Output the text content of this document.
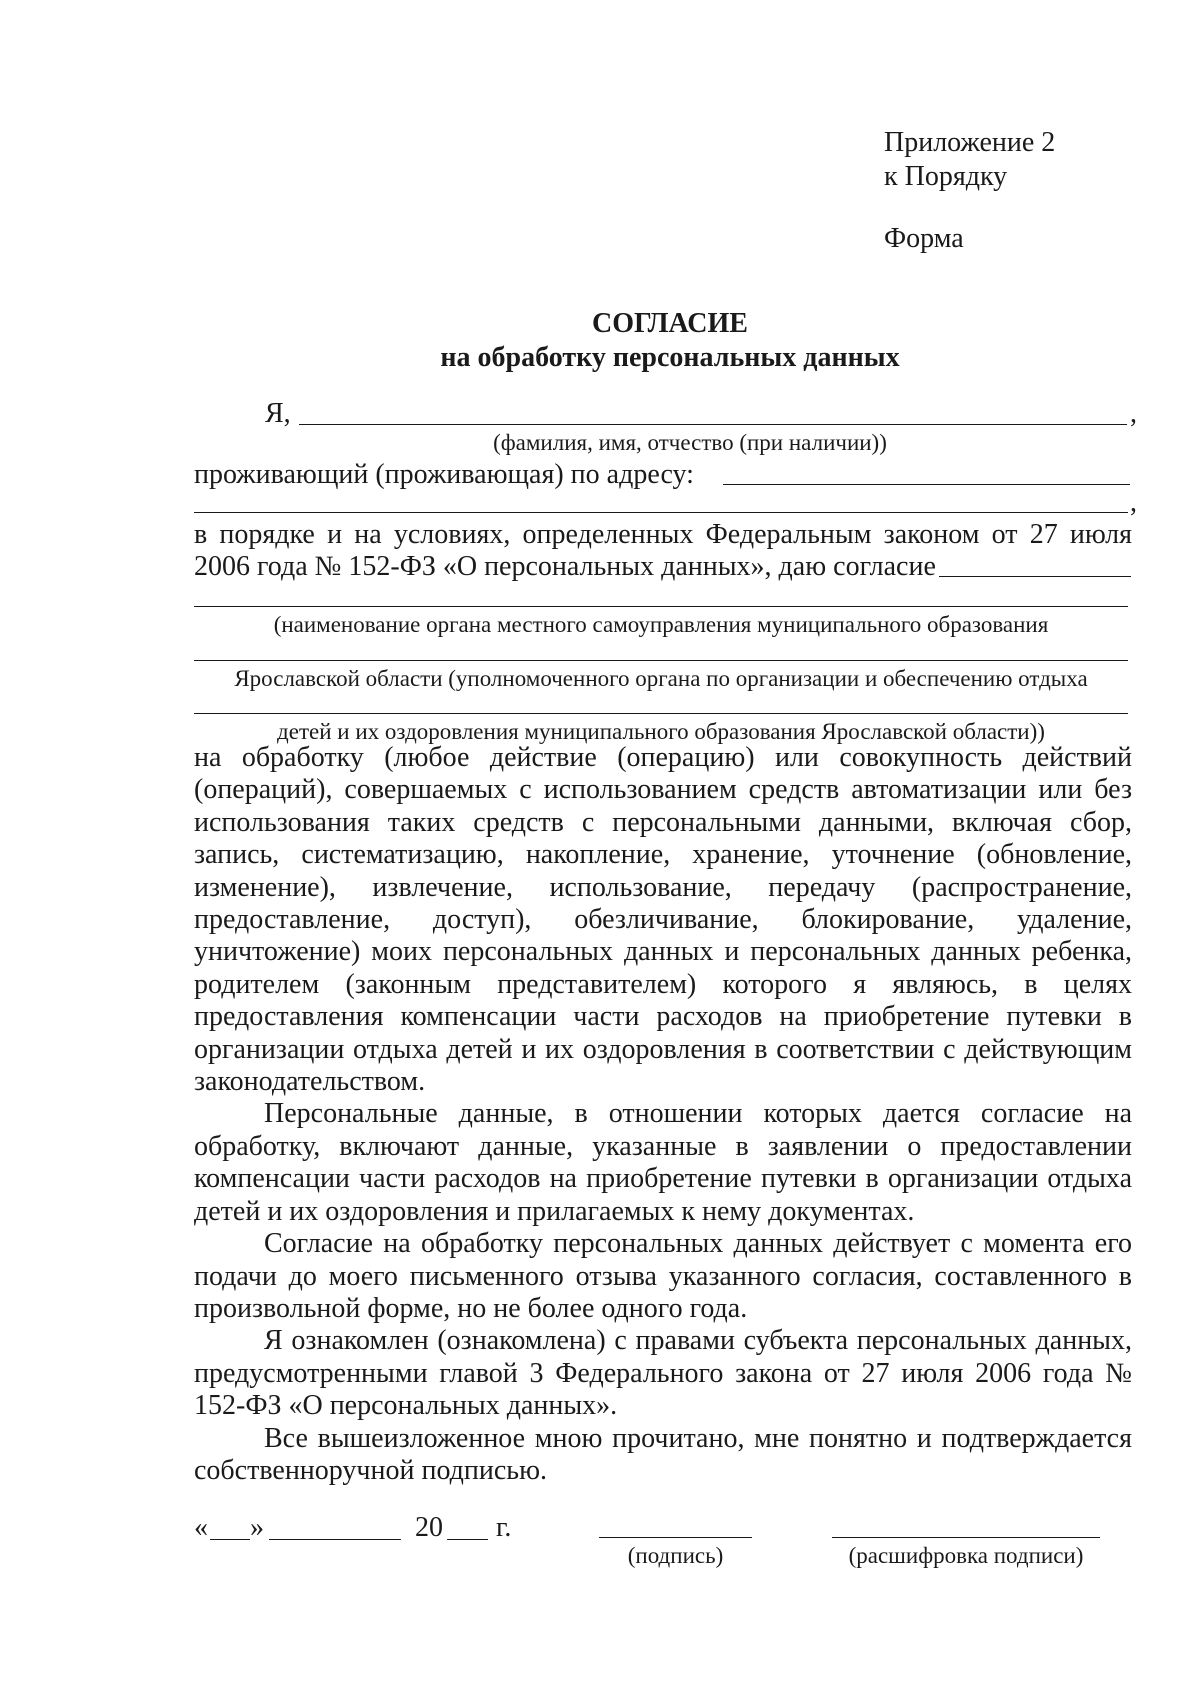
Приложение 2
к Порядку
Форма
СОГЛАСИЕ
на обработку персональных данных
Я,	,
(фамилия, имя, отчество (при наличии))
проживающий (проживающая) по адресу:
,
в порядке и на условиях, определенных Федеральным законом от 27 июля
2006 года № 152-ФЗ «О персональных данных», даю согласие
(наименование органа местного самоуправления муниципального образования
Ярославской области (уполномоченного органа по организации и обеспечению отдыха
детей и их оздоровления муниципального образования Ярославской области))

на обработку (любое действие (операцию) или совокупность действий

(операций), совершаемых с использованием средств автоматизации или без использования таких средств с персональными данными, включая сбор, запись, систематизацию, накопление, хранение, уточнение (обновление, изменение), извлечение, использование, передачу (распространение, предоставление, доступ), обезличивание, блокирование, удаление, уничтожение) моих персональных данных и персональных данных ребенка, родителем (законным представителем) которого я являюсь, в целях предоставления компенсации части расходов на приобретение путевки в организации отдыха детей и их оздоровления в соответствии с действующим законодательством.

Персональные данные, в отношении которых дается согласие на обработку, включают данные, указанные в заявлении о предоставлении компенсации части расходов на приобретение путевки в организации отдыха детей и их оздоровления и прилагаемых к нему документах.

Согласие на обработку персональных данных действует с момента его подачи до моего письменного отзыва указанного согласия, составленного в произвольной форме, но не более одного года.

Я ознакомлен (ознакомлена) с правами субъекта персональных данных, предусмотренными главой 3 Федерального закона от 27 июля 2006 года № 152-ФЗ «О персональных данных».

Все вышеизложенное мною прочитано, мне понятно и подтверждается собственноручной подписью.

« »	20 г.
(подпись)	(расшифровка подписи)
